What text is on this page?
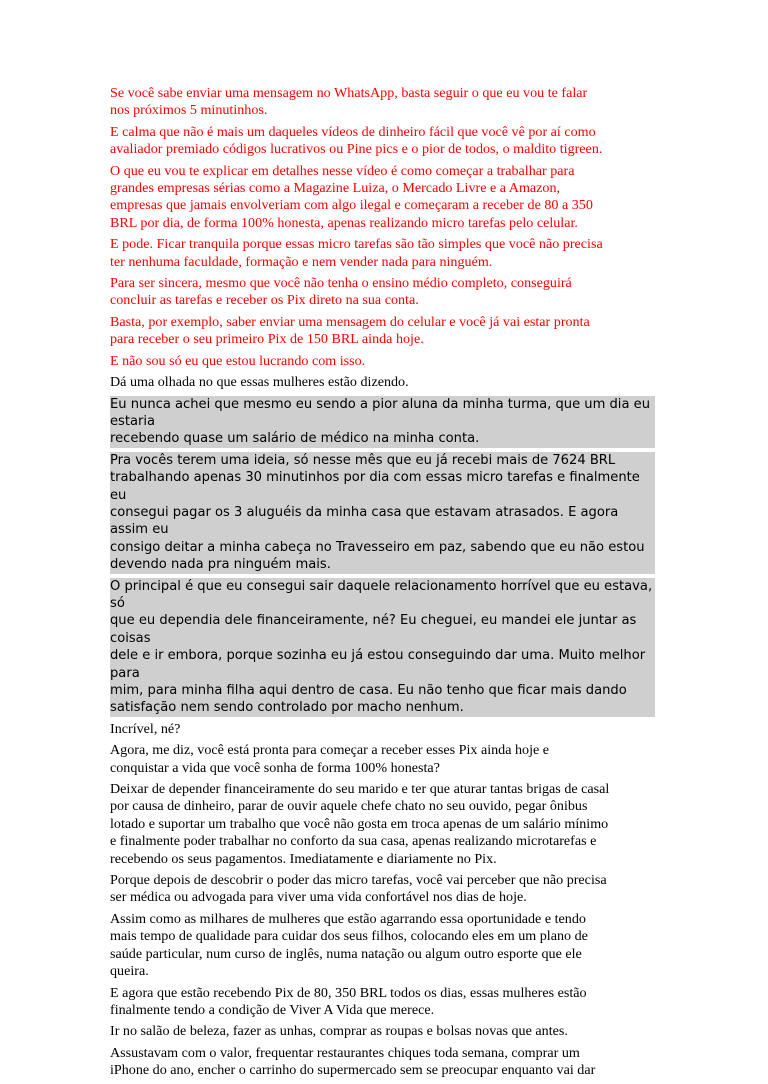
Se você sabe enviar uma mensagem no WhatsApp, basta seguir o que eu vou te falar
nos próximos 5 minutinhos.

E calma que não é mais um daqueles vídeos de dinheiro fácil que você vê por aí como
avaliador premiado códigos lucrativos ou Pine pics e o pior de todos, o maldito tigreen.

O que eu vou te explicar em detalhes nesse vídeo é como começar a trabalhar para
grandes empresas sérias como a Magazine Luiza, o Mercado Livre e a Amazon,
empresas que jamais envolveriam com algo ilegal e começaram a receber de 80 a 350
BRL por dia, de forma 100% honesta, apenas realizando micro tarefas pelo celular.

E pode. Ficar tranquila porque essas micro tarefas são tão simples que você não precisa
ter nenhuma faculdade, formação e nem vender nada para ninguém.

Para ser sincera, mesmo que você não tenha o ensino médio completo, conseguirá
concluir as tarefas e receber os Pix direto na sua conta.

Basta, por exemplo, saber enviar uma mensagem do celular e você já vai estar pronta
para receber o seu primeiro Pix de 150 BRL ainda hoje.

E não sou só eu que estou lucrando com isso.

Dá uma olhada no que essas mulheres estão dizendo.

Eu nunca achei que mesmo eu sendo a pior aluna da minha turma, que um dia eu estaria
recebendo quase um salário de médico na minha conta.

Pra vocês terem uma ideia, só nesse mês que eu já recebi mais de 7624 BRL
trabalhando apenas 30 minutinhos por dia com essas micro tarefas e finalmente eu
consegui pagar os 3 aluguéis da minha casa que estavam atrasados. E agora assim eu
consigo deitar a minha cabeça no Travesseiro em paz, sabendo que eu não estou
devendo nada pra ninguém mais.

O principal é que eu consegui sair daquele relacionamento horrível que eu estava, só
que eu dependia dele financeiramente, né? Eu cheguei, eu mandei ele juntar as coisas
dele e ir embora, porque sozinha eu já estou conseguindo dar uma. Muito melhor para
mim, para minha filha aqui dentro de casa. Eu não tenho que ficar mais dando
satisfação nem sendo controlado por macho nenhum.

Incrível, né?

Agora, me diz, você está pronta para começar a receber esses Pix ainda hoje e
conquistar a vida que você sonha de forma 100% honesta?

Deixar de depender financeiramente do seu marido e ter que aturar tantas brigas de casal
por causa de dinheiro, parar de ouvir aquele chefe chato no seu ouvido, pegar ônibus
lotado e suportar um trabalho que você não gosta em troca apenas de um salário mínimo
e finalmente poder trabalhar no conforto da sua casa, apenas realizando microtarefas e
recebendo os seus pagamentos. Imediatamente e diariamente no Pix.

Porque depois de descobrir o poder das micro tarefas, você vai perceber que não precisa
ser médica ou advogada para viver uma vida confortável nos dias de hoje.

Assim como as milhares de mulheres que estão agarrando essa oportunidade e tendo
mais tempo de qualidade para cuidar dos seus filhos, colocando eles em um plano de
saúde particular, num curso de inglês, numa natação ou algum outro esporte que ele
queira.

E agora que estão recebendo Pix de 80, 350 BRL todos os dias, essas mulheres estão
finalmente tendo a condição de Viver A Vida que merece.

Ir no salão de beleza, fazer as unhas, comprar as roupas e bolsas novas que antes.

Assustavam com o valor, frequentar restaurantes chiques toda semana, comprar um
iPhone do ano, encher o carrinho do supermercado sem se preocupar enquanto vai dar
